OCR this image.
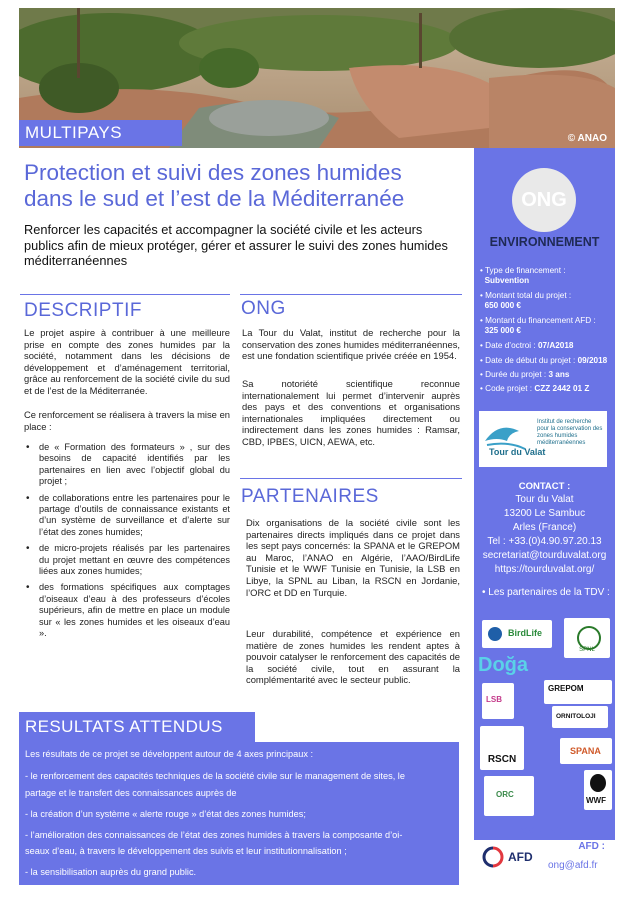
© ANAO
MULTIPAYS
Protection et suivi des zones humides
dans le sud et l’est de la Méditerranée
Renforcer les capacités et accompagner la société civile et les acteurs publics afin de mieux protéger, gérer et assurer le suivi des zones humides méditerranéennes
DESCRIPTIF
Le projet aspire à contribuer à une meilleure prise en compte des zones humides par la société, notamment dans les décisions de développement et d’aménagement territorial, grâce au renforcement de la société civile du sud et de l’est de la Méditerranée.
Ce renforcement se réalisera à travers la mise en place :
• de « Formation des formateurs » , sur des besoins de capacité identifiés par les partenaires en lien avec l’objectif global du projet ;
• de collaborations entre les partenaires pour le partage d’outils de connaissance existants et d’un système de surveillance et d’alerte sur l’état des zones humides;
• de micro-projets réalisés par les partenaires du projet mettant en œuvre des compétences liées aux zones humides;
• des formations spécifiques aux comptages d’oiseaux d’eau à des professeurs d’écoles supérieurs, afin de mettre en place un module sur « les zones humides et les oiseaux d’eau ».
ONG
La Tour du Valat, institut de recherche pour la conservation des zones humides méditerranéennes, est une fondation scientifique privée créée en 1954.
Sa notoriété scientifique reconnue internationalement lui permet d’intervenir auprès des pays et des conventions et organisations internationales impliquées directement ou indirectement dans les zones humides : Ramsar, CBD, IPBES, UICN, AEWA, etc.
PARTENAIRES
Dix organisations de la société civile sont les partenaires directs impliqués dans ce projet dans les sept pays concernés: la SPANA et le GREPOM au Maroc, l’ANAO en Algérie, l’AAO/BirdLife Tunisie et le WWF Tunisie en Tunisie, la LSB en Libye, la SPNL au Liban, la RSCN en Jordanie, l’ORC et DD en Turquie.
Leur durabilité, compétence et expérience en matière de zones humides les rendent aptes à pouvoir catalyser le renforcement des capacités de la société civile, tout en assurant la complémentarité avec le secteur public.
ONG
ENVIRONNEMENT
• Type de financement :
Subvention
• Montant total du projet :
650 000 €
• Montant du financement AFD :
325 000 €
• Date d’octroi : 07/A2018
• Date de début du projet : 09/2018
• Durée du projet : 3 ans
• Code projet : CZZ 2442 01 Z
Tour du Valat
Institut de recherche pour la conservation des zones humides méditerranéennes
CONTACT :
Tour du Valat
13200 Le Sambuc
Arles (France)
Tel : +33.(0)4.90.97.20.13
secretariat@tourduvalat.org
https://tourduvalat.org/
• Les partenaires de la TDV :
BirdLife
SPNL
Doğa
GREPOM
LSB
ORNITOLOJI
RSCN
SPANA
WWF
ORC
RESULTATS ATTENDUS
Les résultats de ce projet se développent autour de 4 axes principaux :
- le renforcement des capacités techniques de la société civile sur le management de sites, le
partage et le transfert des connaissances auprès de
- la création d’un système « alerte rouge » d’état des zones humides;
- l’amélioration des connaissances de l’état des zones humides à travers la composante d’oi-
seaux d’eau, à travers le développement des suivis et leur institutionnalisation ;
- la sensibilisation auprès du grand public.
CONTACT
AFD :
ong@afd.fr
AFD
